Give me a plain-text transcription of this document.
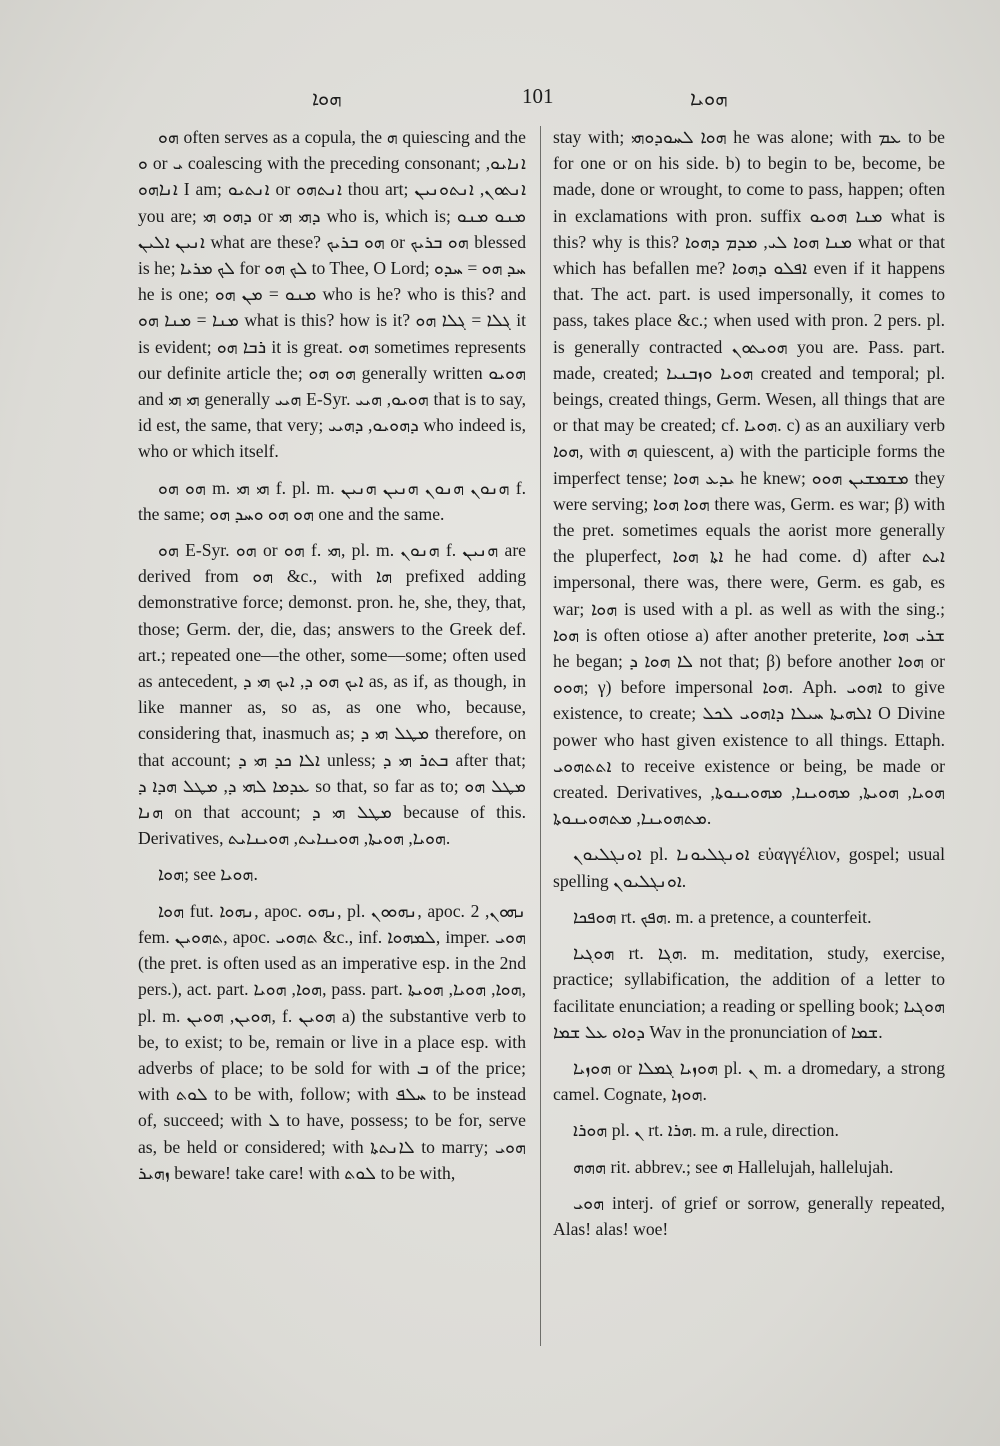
ܗܘܐ	101	ܗܘܝܐ

ܗܘ often serves as a copula, the ܗ quiescing and the ܘ or ܝ coalescing with the preceding consonant; ܐܢܐܝܘ, ܐܢܐܗܘ I am; ܐܢܬܝܘ or ܐܢܬܗܘ thou art; ܐܢܬܘܢ, ܐܢܬܘܢܝܢ you are; ܕܗܘ ܗܝ or ܕܗܝ ܗܝ who is, which is; ܡܢܘ ܡܢܘ ܐܢܝܢ ܐܠܝܢ what are these? ܗܘ ܒܪܝܟ or ܗܘ ܒܪܝܟ blessed is he; ܠܟ ܡܪܝܐ for ܠܟ ܗܘ to Thee, O Lord; ܚܕ ܗܘ = ܚܕܘ he is one; ܡܢܘ = ܡܢ ܗܘ who is he? who is this? and ܡܢܐ = ܡܢܐ ܗܘ what is this? how is it? ܓܠܐ = ܓܠܐ ܗܘ it is evident; ܪܒܐ ܗܘ it is great. ܗܘ sometimes represents our definite article the; ܗܘ ܗܘ generally written ܗܘܝܘ and ܗܝ ܗܝ generally ܗܝܝ E-Syr. ܗܘܝܘ, ܗܝܝ that is to say, id est, the same, that very; ܕܗܘܝܘ, ܕܗܝܝ who indeed is, who or which itself.

ܗܘ ܗܘ m. ܗܝ ܗܝ f. pl. m. ܗܢܘܢ ܗܢܘܢ ܗܢܝܢ ܗܢܝܢ f. the same; ܗܘ ܗܘ ܘܚܕ ܗܘ one and the same.

ܗܘ E-Syr. ܗܘ or ܗܘ f. ܗܝ, pl. m. ܗܢܘܢ f. ܗܢܝܢ are derived from ܗܘ &c., with ܗܐ prefixed adding demonstrative force; demonst. pron. he, she, they, that, those; Germ. der, die, das; answers to the Greek def. art.; repeated one—the other, some—some; often used as antecedent, ܐܝܟ ܗܘ ܕ, ܐܝܟ ܗܝ ܕ as, as if, as though, in like manner as, so as, as one who, because, considering that, inasmuch as; ܡܛܠ ܗܝ ܕ therefore, on that account; ܐܠܐ ܟܕ ܗܝ ܕ unless; ܒܬܪ ܗܝ ܕ after that; ܥܕܡܐ ܠܗܝ ܕ, ܡܛܠ ܗܕܐ ܕ so that, so far as to; ܡܛܠ ܗܘ ܗܢܐ on that account; ܡܛܠ ܗܝ ܕ because of this. Derivatives, ܗܘܝܐ, ܗܘܝܬܐ, ܗܘܝܢܐܝܬ, ܗܘܝܢܐܝܬ.

ܗܘܐ; see ܗܘܝܐ.

ܗܘܐ fut. ܢܗܘܐ, apoc. ܢܗܘ, pl. ܢܗܘܘܢ, apoc. ܢܗܘܢ, 2 fem. ܬܗܘܝܢ, apoc. ܬܗܘܝ &c., inf. ܠܡܗܘܐ, imper. ܗܘܝ (the pret. is often used as an imperative esp. in the 2nd pers.), act. part. ܗܘܐ, ܗܘܝܐ, pass. part. ܗܘܐ, ܗܘܝܐ, ܗܘܝܬܐ, pl. m. ܗܘܝܢ, ܗܘܝܢ, f. ܗܘܝܢ a) the substantive verb to be, to exist; to be, remain or live in a place esp. with adverbs of place; to be sold for with ܒ of the price; with ܠܘܬ to be with, follow; with ܚܠܦ to be instead of, succeed; with ܠ to have, possess; to be for, serve as, be held or considered; with ܠܐܢܬܬܐ to marry; ܗܘܝ ܙܗܝܪ beware! take care! with ܠܘܬ to be with,

stay with; ܗܘܐ ܠܚܘܕܘܗܝ he was alone; with ܥܡ to be for one or on his side. b) to begin to be, become, be made, done or wrought, to come to pass, happen; often in exclamations with pron. suffix ܡܢܐ ܗܘܝܘ what is this? why is this? ܡܢܐ ܗܘܐ ܠܝ, ܡܕܡ ܕܗܘܐ what or that which has befallen me? ܐܦܠܘ ܕܗܘܐ even if it happens that. The act. part. is used impersonally, it comes to pass, takes place &c.; when used with pron. 2 pers. pl. is generally contracted ܗܘܝܬܘܢ you are. Pass. part. made, created; ܗܘܝܐ ܘܙܒܢܝܐ created and temporal; pl. beings, created things, Germ. Wesen, all things that are or that may be created; cf. ܗܘܝܐ. c) as an auxiliary verb ܗܘܐ, with ܗ quiescent, a) with the participle forms the imperfect tense; ܝܕܥ ܗܘܐ he knew; ܡܫܡܫܝܢ ܗܘܘ they were serving; ܗܘܐ ܗܘܐ there was, Germ. es war; β) with the pret. sometimes equals the aorist more generally the pluperfect, ܐܬܐ ܗܘܐ he had come. d) after ܐܝܬ impersonal, there was, there were, Germ. es gab, es war; ܗܘܐ is used with a pl. as well as with the sing.; ܗܘܐ is often otiose a) after another preterite, ܫܪܝ ܗܘܐ he began; ܠܐ ܗܘܐ ܕ not that; β) before another ܗܘܐ or ܗܘܘ; γ) before impersonal ܗܘܐ. Aph. ܐܗܘܝ to give existence, to create; ܐܠܗܝܬܐ ܚܝܠܐ ܕܐܗܘܝ ܠܟܠ O Divine power who hast given existence to all things. Ettaph. ܐܬܬܗܘܝ to receive existence or being, be made or created. Derivatives, ܗܘܝܐ, ܗܘܝܬܐ, ܡܗܘܝܢܐ, ܡܗܘܝܢܘܬܐ, ܡܬܗܘܝܢܐ, ܡܬܗܘܝܢܘܬܐ.

ܐܘܢܓܠܝܘܢ pl. ܐܘܢܓܠܝܘܢܐ εὐαγγέλιον, gospel; usual spelling ܐܘܢܓܠܝܘܢ.

ܗܘܦܟܐ rt. ܗܦܟ. m. a pretence, a counterfeit.

ܗܘܓܝܐ rt. ܗܓܐ. m. meditation, study, exercise, practice; syllabification, the addition of a letter to facilitate enunciation; a reading or spelling book; ܗܘܓܝܐ ܕܘܐܘ ܥܠ ܫܡܐ Wav in the pronunciation of ܫܡܐ.

ܗܘܙܝܐ or ܗܘܙܝܐ ܓܡܠܐ pl. ܢ m. a dromedary, a strong camel. Cognate, ܗܘܙܐ.

ܗܘܪܐ pl. ܢ rt. ܗܪܐ. m. a rule, direction.

ܗܗܗ rit. abbrev.; see ܗ Hallelujah, hallelujah.

ܗܘܝ interj. of grief or sorrow, generally repeated, Alas! alas! woe!
